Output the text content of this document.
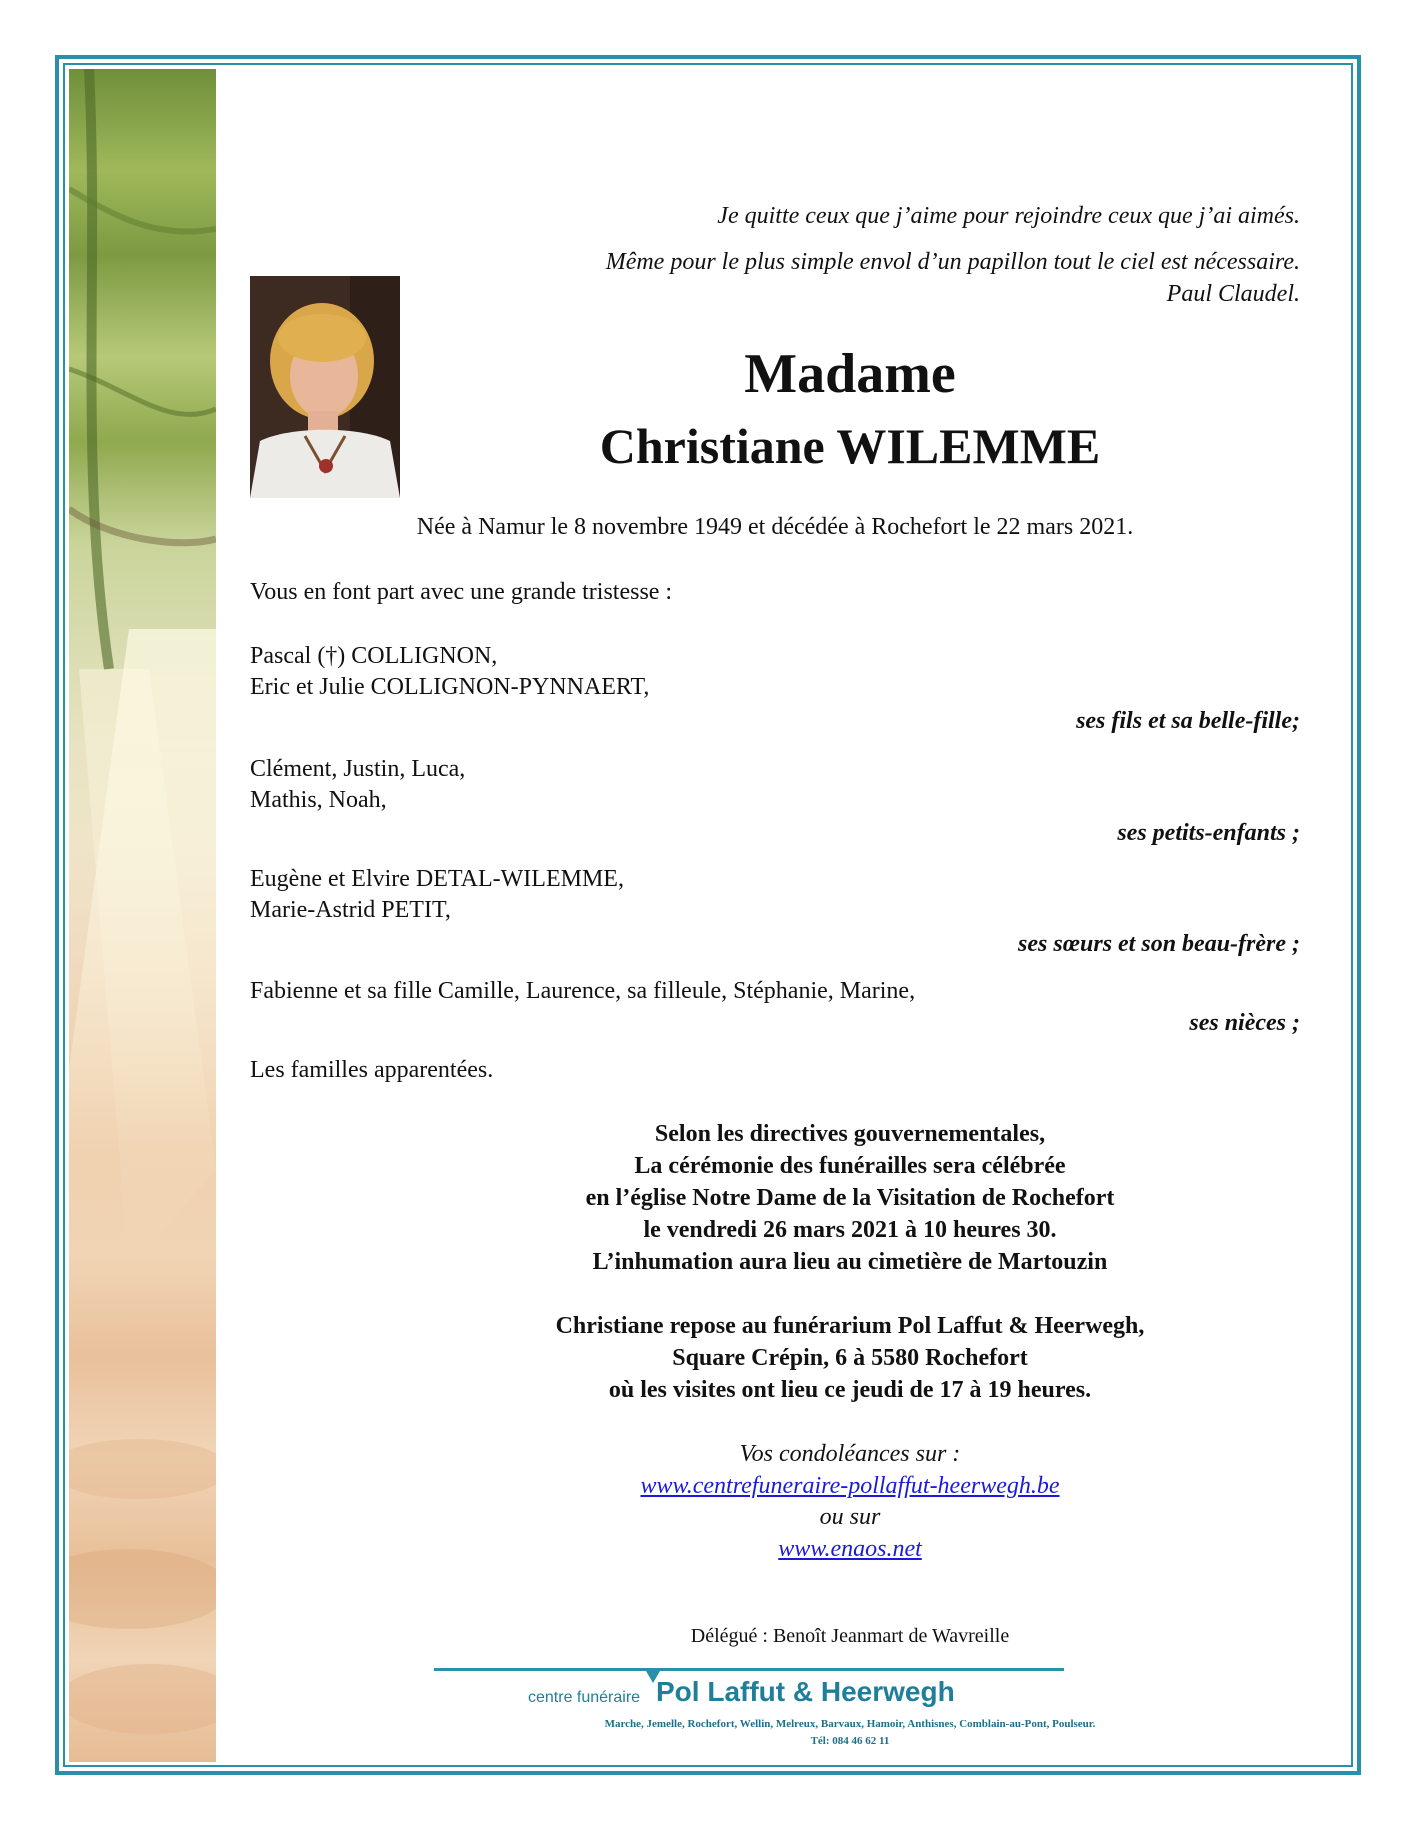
Je quitte ceux que j’aime pour rejoindre ceux que j’ai aimés.

Même pour le plus simple envol d’un papillon tout le ciel est nécessaire.

Paul Claudel.

Madame

Christiane WILEMME

Née à Namur le 8 novembre 1949 et décédée à Rochefort le 22 mars 2021.

Vous en font part avec une grande tristesse :

Pascal (†) COLLIGNON,

Eric et Julie COLLIGNON-PYNNAERT,

ses fils et sa belle-fille;

Clément, Justin, Luca,

Mathis, Noah,

ses petits-enfants ;

Eugène et Elvire DETAL-WILEMME,

Marie-Astrid PETIT,

ses sœurs et son beau-frère ;

Fabienne et sa fille Camille, Laurence, sa filleule, Stéphanie, Marine,

ses nièces ;

Les familles apparentées.

Selon les directives gouvernementales,

La cérémonie des funérailles sera célébrée

en l’église Notre Dame de la Visitation de Rochefort

le vendredi 26 mars 2021 à 10 heures 30.

L’inhumation aura lieu au cimetière de Martouzin

Christiane repose au funérarium Pol Laffut & Heerwegh,

Square Crépin, 6 à 5580 Rochefort

où les visites ont lieu ce jeudi de 17 à 19 heures.

Vos condoléances sur :

www.centrefuneraire-pollaffut-heerwegh.be

ou sur

www.enaos.net

Délégué : Benoît Jeanmart de Wavreille

centre funéraire Pol Laffut & Heerwegh

Marche, Jemelle, Rochefort, Wellin, Melreux, Barvaux, Hamoir, Anthisnes, Comblain-au-Pont, Poulseur.

Tél: 084 46 62 11
